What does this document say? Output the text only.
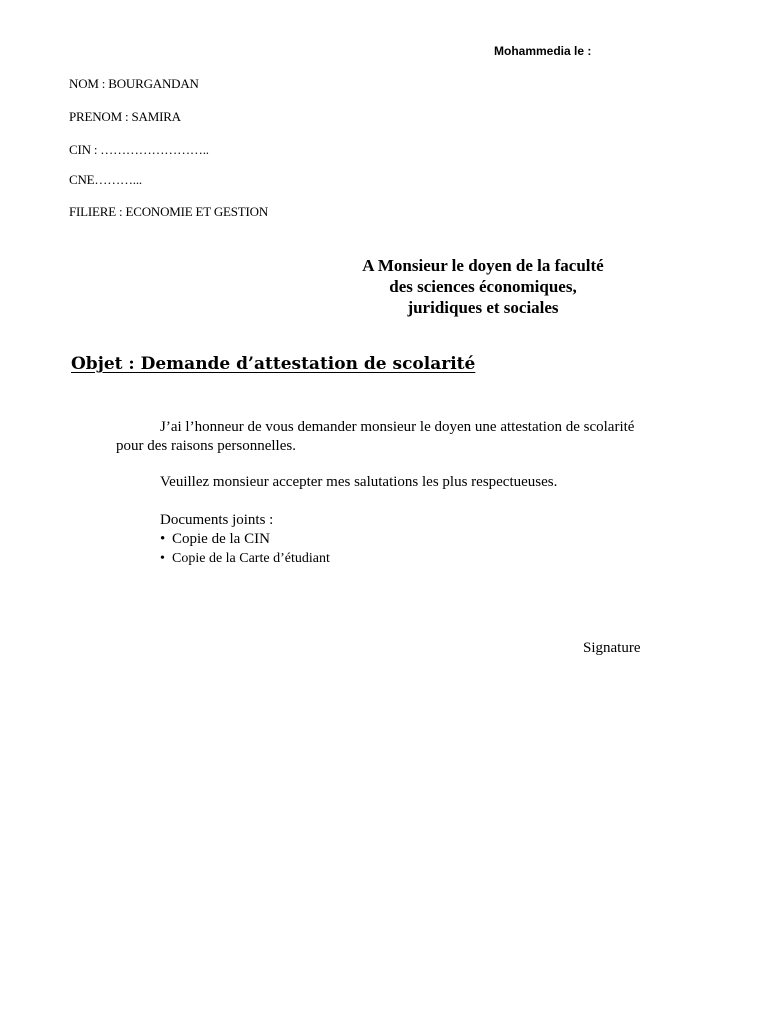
Mohammedia le :
NOM : BOURGANDAN
PRENOM : SAMIRA
CIN : ……………………..
CNE………...
FILIERE : ECONOMIE ET GESTION
A Monsieur le doyen de la faculté
des sciences économiques,
juridiques et sociales
Objet : Demande d’attestation de scolarité
J’ai l’honneur de vous demander monsieur le doyen une attestation de scolarité pour des raisons personnelles.
Veuillez monsieur accepter mes salutations les plus respectueuses.
Documents joints :
• Copie de la CIN
• Copie de la Carte d’étudiant
Signature
